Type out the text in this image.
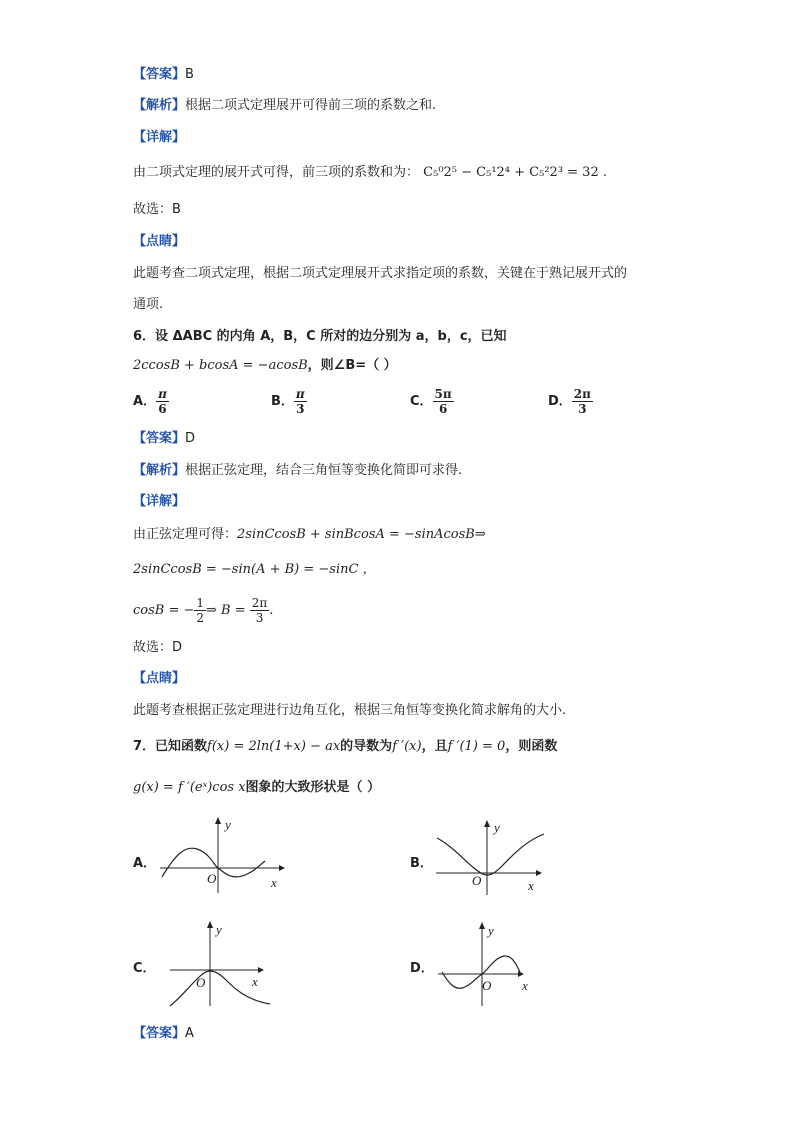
【答案】B
【解析】根据二项式定理展开可得前三项的系数之和.
【详解】
由二项式定理的展开式可得，前三项的系数和为： C₅⁰2⁵ − C₅¹2⁴ + C₅²2³ = 32 .
故选：B
【点睛】
此题考查二项式定理，根据二项式定理展开式求指定项的系数，关键在于熟记展开式的
通项.
6．设 ΔABC 的内角 A，B，C 所对的边分别为 a，b，c，已知
2ccosB + bcosA = −acosB，则∠B=（ ）
A． $\frac{\pi}{6}$	B． $\frac{\pi}{3}$	C． $\frac{5\pi}{6}$	D． $\frac{2\pi}{3}$
【答案】D
【解析】根据正弦定理，结合三角恒等变换化简即可求得.
【详解】
由正弦定理可得：2sinCcosB + sinBcosA = −sinAcosB⇒
2sinCcosB = −sin(A + B) = −sinC ，
cosB = − $\frac{1}{2}$ ⇒ $B = \frac{2\pi}{3}$ .
故选：D
【点睛】
此题考查根据正弦定理进行边角互化，根据三角恒等变换化简求解角的大小.
7．已知函数f(x) = 2ln(1+x) − ax的导数为f ′(x)，且f ′(1) = 0，则函数
g(x) = f ′(eˣ)cos x图象的大致形状是（ ）
A．
y
x
O
B．
y
x
O
C．
y
x
O
D．
y
x
O
【答案】A
